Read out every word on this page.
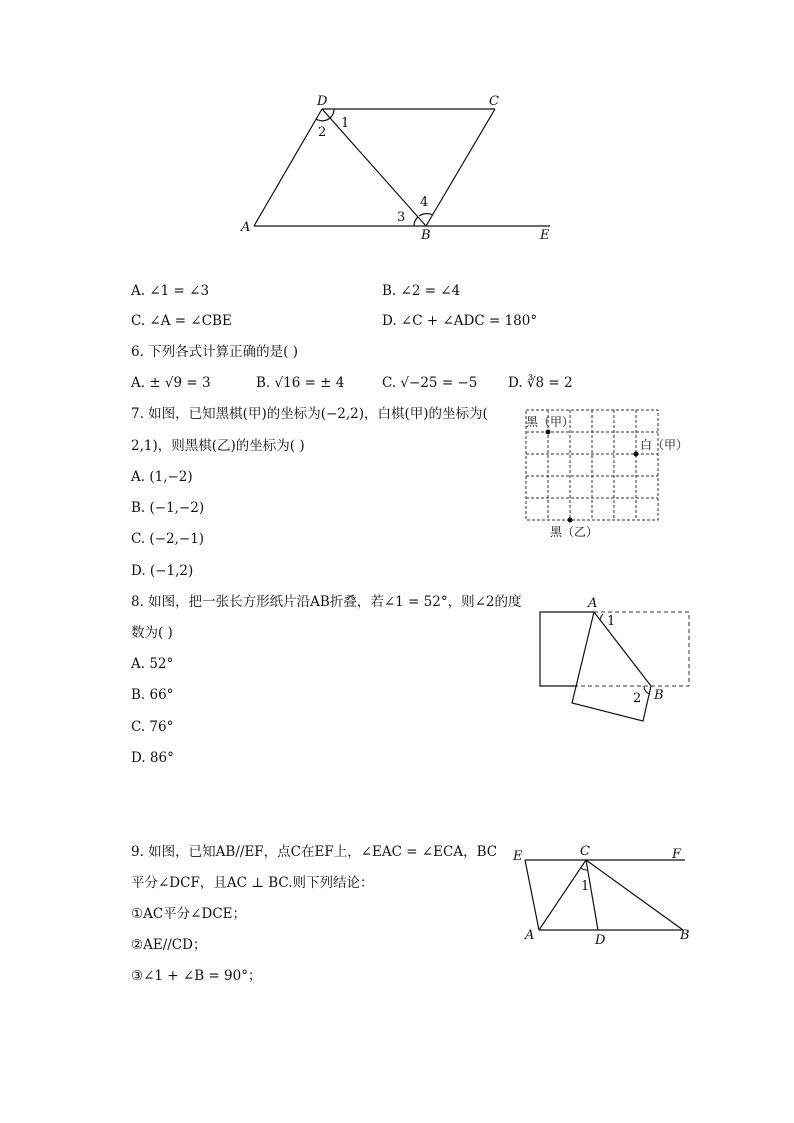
D	C
A
B	E
1
2
3
4
A. ∠1 = ∠3	B. ∠2 = ∠4
C. ∠A = ∠CBE	D. ∠C + ∠ADC = 180°
6. 下列各式计算正确的是( )
A. ± √9 = 3	B. √16 = ± 4	C. √−25 = −5 D. ∛8 = 2
7. 如图，已知黑棋(甲)的坐标为(−2,2)，白棋(甲)的坐标为(
2,1)，则黑棋(乙)的坐标为( )
A. (1,−2)
B. (−1,−2)
C. (−2,−1)
D. (−1,2)
黑（甲）
白（甲）
黑（乙）
8. 如图，把一张长方形纸片沿AB折叠，若∠1 = 52°，则∠2的度
数为( )
A. 52°
B. 66°
C. 76°
D. 86°
A
B
1
2
9. 如图，已知AB//EF，点C在EF上，∠EAC = ∠ECA，BC
平分∠DCF，且AC ⊥ BC.则下列结论：
①AC平分∠DCE；
②AE//CD；
③∠1 + ∠B = 90°；
E	C	F
A	D	B
1
